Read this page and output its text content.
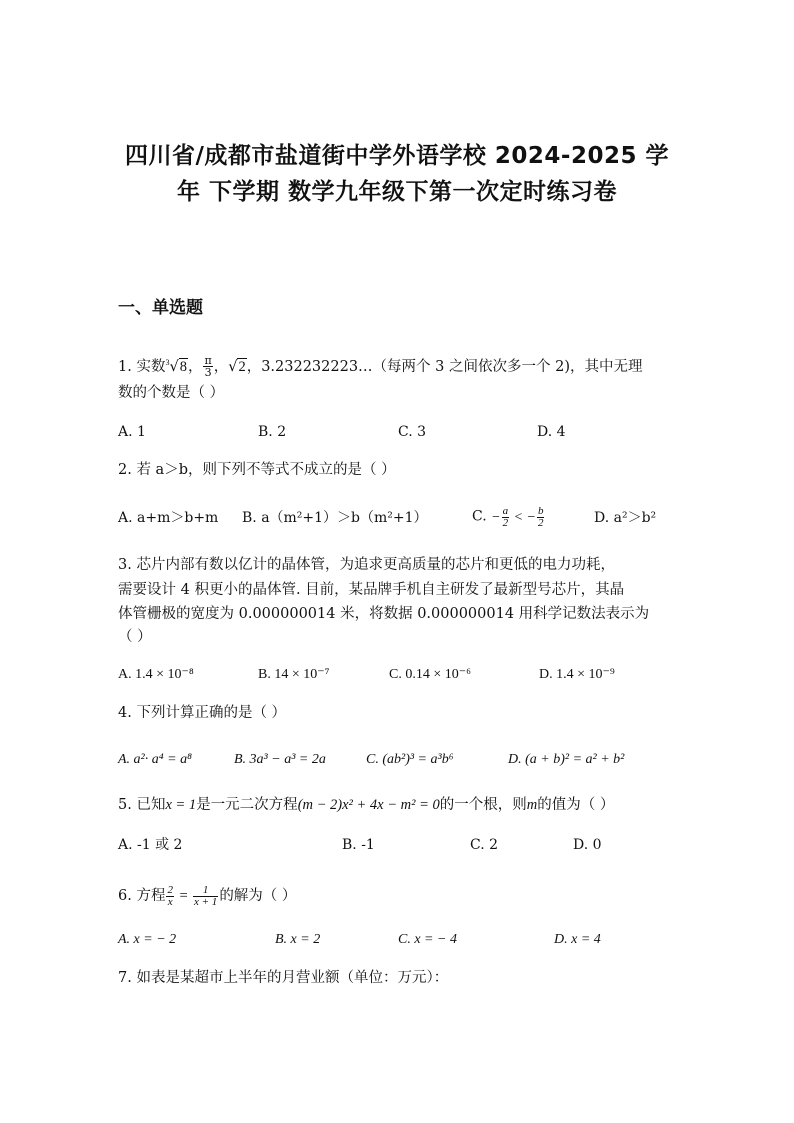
四川省/成都市盐道街中学外语学校 2024-2025 学
年 下学期 数学九年级下第一次定时练习卷
一、单选题
1. 实数$^3$√8， $\frac{\pi}{3}$ ，√2，3.232232223…（每两个 3 之间依次多一个 2)，其中无理
数的个数是（ ）
A. 1	B. 2	C. 3	D. 4
2. 若 a＞b，则下列不等式不成立的是（ ）
A. a+m＞b+m B. a（m²+1）＞b（m²+1）	C. − $\frac{a}{2}$ < − $\frac{b}{2}$	D. a²＞b²
3. 芯片内部有数以亿计的晶体管，为追求更高质量的芯片和更低的电力功耗，
需要设计 4 积更小的晶体管. 目前，某品牌手机自主研发了最新型号芯片，其晶
体管栅极的宽度为 0.000000014 米，将数据 0.000000014 用科学记数法表示为
（ ）
A. 1.4 × 10⁻⁸	B. 14 × 10⁻⁷	C. 0.14 × 10⁻⁶	D. 1.4 × 10⁻⁹
4. 下列计算正确的是（ ）
A. a²· a⁴ = a⁸	B. 3a³ − a³ = 2a	C. (ab²)³ = a³b⁶	D. (a + b)² = a² + b²
5. 已知x = 1是一元二次方程(m − 2)x² + 4x − m² = 0的一个根，则m的值为（ ）
A. -1 或 2	B. -1	C. 2	D. 0
6. 方程 $\frac{2}{x} = \frac{1}{x + 1}$ 的解为（ ）
A. x = − 2	B. x = 2	C. x = − 4	D. x = 4
7. 如表是某超市上半年的月营业额（单位：万元）：
